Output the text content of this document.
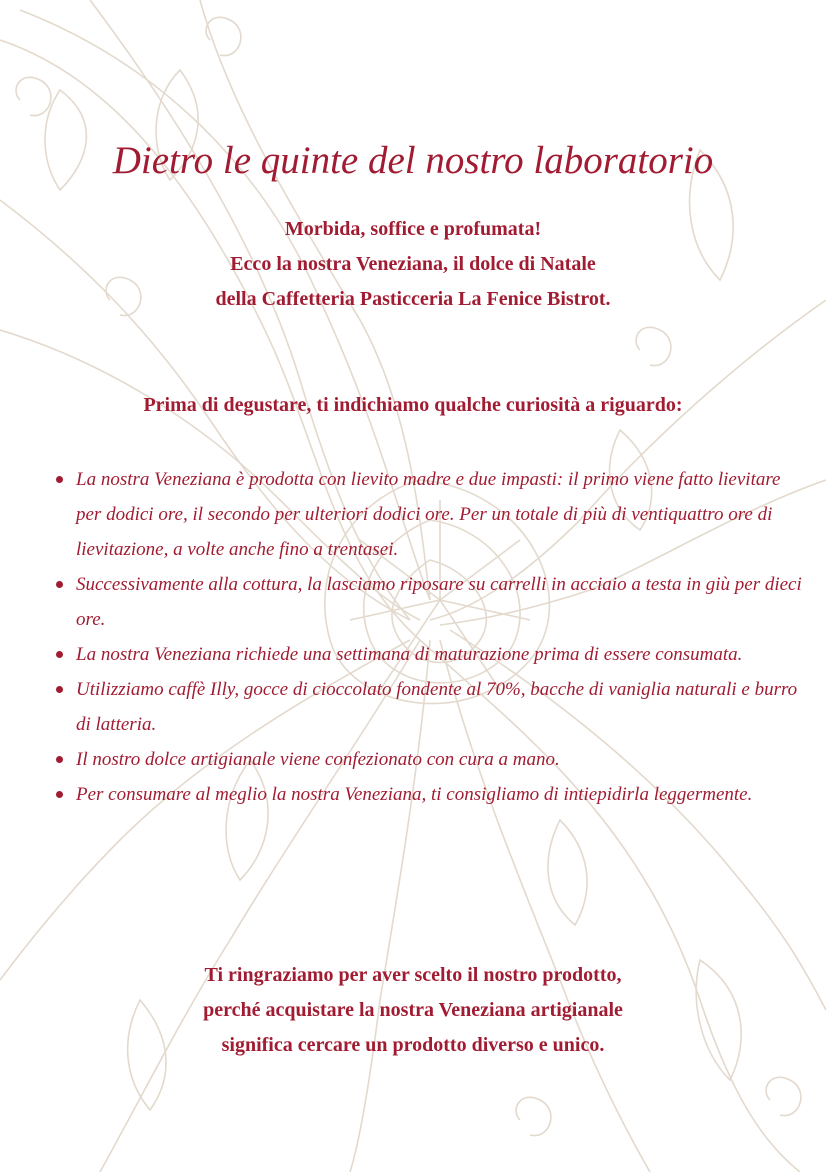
Dietro le quinte del nostro laboratorio
Morbida, soffice e profumata!
Ecco la nostra Veneziana, il dolce di Natale
della Caffetteria Pasticceria La Fenice Bistrot.
Prima di degustare, ti indichiamo qualche curiosità a riguardo:
La nostra Veneziana è prodotta con lievito madre e due impasti: il primo viene fatto lievitare per dodici ore, il secondo per ulteriori dodici ore. Per un totale di più di ventiquattro ore di lievitazione, a volte anche fino a trentasei.
Successivamente alla cottura, la lasciamo riposare su carrelli in acciaio a testa in giù per dieci ore.
La nostra Veneziana richiede una settimana di maturazione prima di essere consumata.
Utilizziamo caffè Illy, gocce di cioccolato fondente al 70%, bacche di vaniglia naturali e burro di latteria.
Il nostro dolce artigianale viene confezionato con cura a mano.
Per consumare al meglio la nostra Veneziana, ti consigliamo di intiepidirla leggermente.
Ti ringraziamo per aver scelto il nostro prodotto,
perché acquistare la nostra Veneziana artigianale
significa cercare un prodotto diverso e unico.
